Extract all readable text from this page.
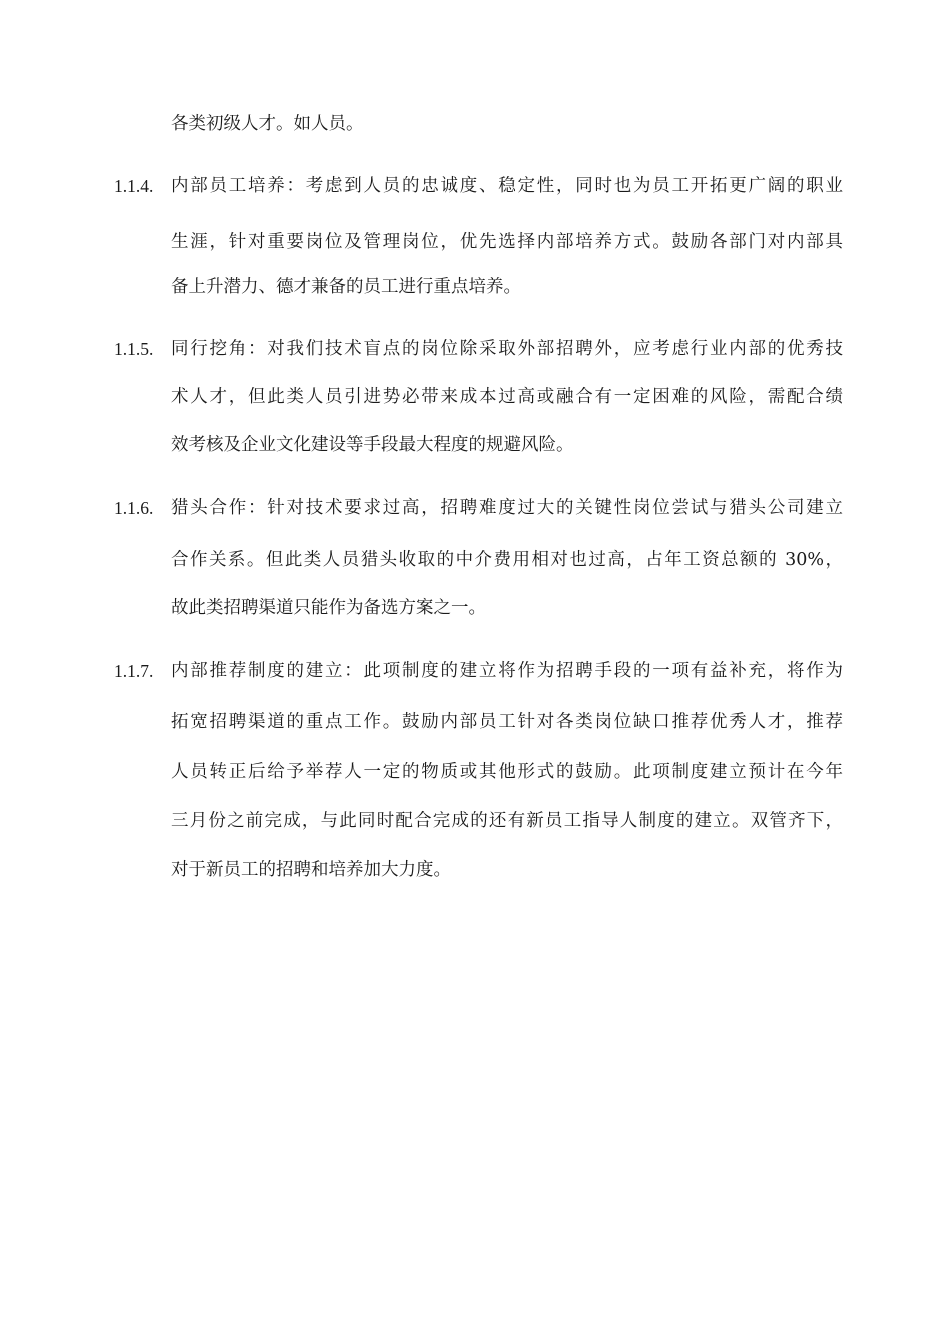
各类初级人才。如人员。
1.1.4. 内部员工培养：考虑到人员的忠诚度、稳定性，同时也为员工开拓更广阔的职业
生涯，针对重要岗位及管理岗位，优先选择内部培养方式。鼓励各部门对内部具
备上升潜力、德才兼备的员工进行重点培养。
1.1.5. 同行挖角：对我们技术盲点的岗位除采取外部招聘外，应考虑行业内部的优秀技
术人才，但此类人员引进势必带来成本过高或融合有一定困难的风险，需配合绩
效考核及企业文化建设等手段最大程度的规避风险。
1.1.6. 猎头合作：针对技术要求过高，招聘难度过大的关键性岗位尝试与猎头公司建立
合作关系。但此类人员猎头收取的中介费用相对也过高，占年工资总额的 30%，
故此类招聘渠道只能作为备选方案之一。
1.1.7. 内部推荐制度的建立：此项制度的建立将作为招聘手段的一项有益补充，将作为
拓宽招聘渠道的重点工作。鼓励内部员工针对各类岗位缺口推荐优秀人才，推荐
人员转正后给予举荐人一定的物质或其他形式的鼓励。此项制度建立预计在今年
三月份之前完成，与此同时配合完成的还有新员工指导人制度的建立。双管齐下，
对于新员工的招聘和培养加大力度。
